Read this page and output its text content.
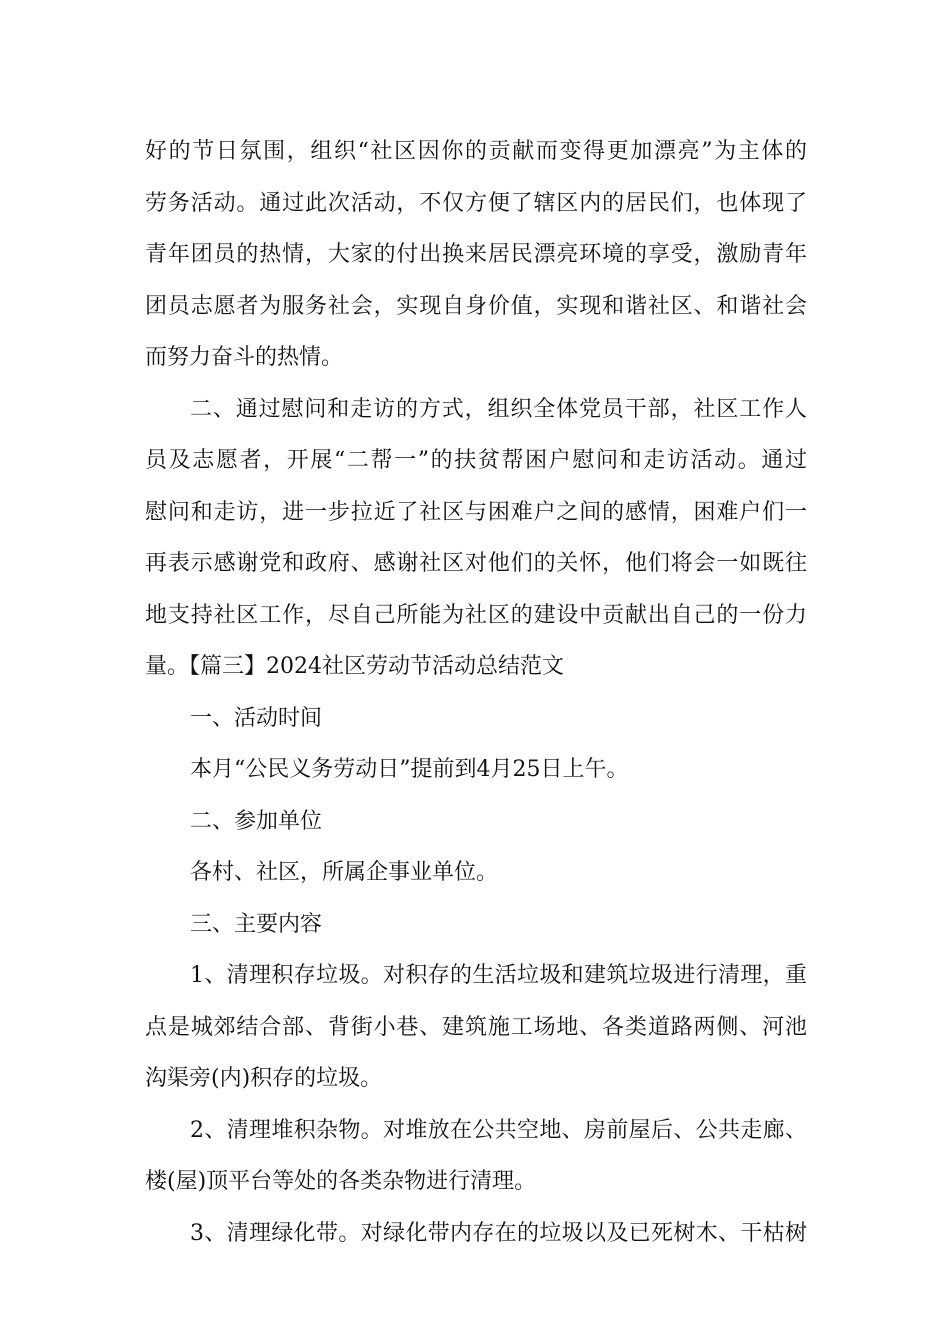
好的节日氛围，组织“社区因你的贡献而变得更加漂亮”为主体的
劳务活动。通过此次活动，不仅方便了辖区内的居民们，也体现了
青年团员的热情，大家的付出换来居民漂亮环境的享受，激励青年
团员志愿者为服务社会，实现自身价值，实现和谐社区、和谐社会
而努力奋斗的热情。
二、通过慰问和走访的方式，组织全体党员干部，社区工作人
员及志愿者，开展“二帮一”的扶贫帮困户慰问和走访活动。通过
慰问和走访，进一步拉近了社区与困难户之间的感情，困难户们一
再表示感谢党和政府、感谢社区对他们的关怀，他们将会一如既往
地支持社区工作，尽自己所能为社区的建设中贡献出自己的一份力
量。【篇三】2024社区劳动节活动总结范文
一、活动时间
本月“公民义务劳动日”提前到4月25日上午。
二、参加单位
各村、社区，所属企事业单位。
三、主要内容
1、清理积存垃圾。对积存的生活垃圾和建筑垃圾进行清理，重
点是城郊结合部、背街小巷、建筑施工场地、各类道路两侧、河池
沟渠旁(内)积存的垃圾。
2、清理堆积杂物。对堆放在公共空地、房前屋后、公共走廊、
楼(屋)顶平台等处的各类杂物进行清理。
3、清理绿化带。对绿化带内存在的垃圾以及已死树木、干枯树
